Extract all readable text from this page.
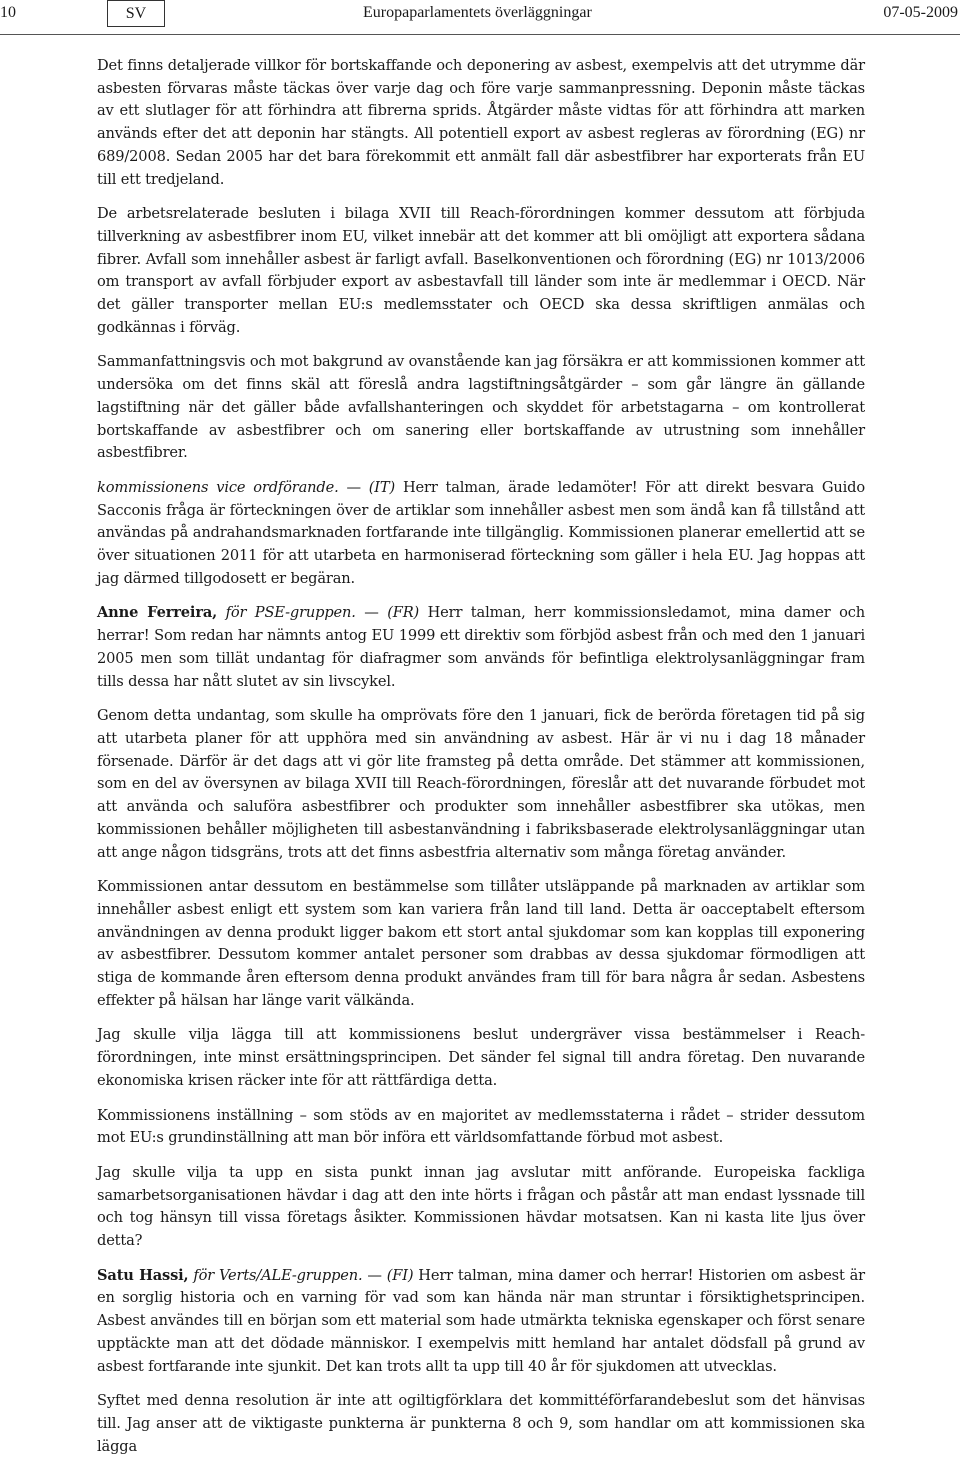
10	SV	Europaparlamentets överläggningar	07-05-2009

Det finns detaljerade villkor för bortskaffande och deponering av asbest, exempelvis att det utrymme där asbesten förvaras måste täckas över varje dag och före varje sammanpressning. Deponin måste täckas av ett slutlager för att förhindra att fibrerna sprids. Åtgärder måste vidtas för att förhindra att marken används efter det att deponin har stängts. All potentiell export av asbest regleras av förordning (EG) nr 689/2008. Sedan 2005 har det bara förekommit ett anmält fall där asbestfibrer har exporterats från EU till ett tredjeland.

De arbetsrelaterade besluten i bilaga XVII till Reach-förordningen kommer dessutom att förbjuda tillverkning av asbestfibrer inom EU, vilket innebär att det kommer att bli omöjligt att exportera sådana fibrer. Avfall som innehåller asbest är farligt avfall. Baselkonventionen och förordning (EG) nr 1013/2006 om transport av avfall förbjuder export av asbestavfall till länder som inte är medlemmar i OECD. När det gäller transporter mellan EU:s medlemsstater och OECD ska dessa skriftligen anmälas och godkännas i förväg.

Sammanfattningsvis och mot bakgrund av ovanstående kan jag försäkra er att kommissionen kommer att undersöka om det finns skäl att föreslå andra lagstiftningsåtgärder – som går längre än gällande lagstiftning när det gäller både avfallshanteringen och skyddet för arbetstagarna – om kontrollerat bortskaffande av asbestfibrer och om sanering eller bortskaffande av utrustning som innehåller asbestfibrer.

kommissionens vice ordförande. — (IT) Herr talman, ärade ledamöter! För att direkt besvara Guido Sacconis fråga är förteckningen över de artiklar som innehåller asbest men som ändå kan få tillstånd att användas på andrahandsmarknaden fortfarande inte tillgänglig. Kommissionen planerar emellertid att se över situationen 2011 för att utarbeta en harmoniserad förteckning som gäller i hela EU. Jag hoppas att jag därmed tillgodosett er begäran.

Anne Ferreira, för PSE-gruppen. — (FR) Herr talman, herr kommissionsledamot, mina damer och herrar! Som redan har nämnts antog EU 1999 ett direktiv som förbjöd asbest från och med den 1 januari 2005 men som tillät undantag för diafragmer som används för befintliga elektrolysanläggningar fram tills dessa har nått slutet av sin livscykel.

Genom detta undantag, som skulle ha omprövats före den 1 januari, fick de berörda företagen tid på sig att utarbeta planer för att upphöra med sin användning av asbest. Här är vi nu i dag 18 månader försenade. Därför är det dags att vi gör lite framsteg på detta område. Det stämmer att kommissionen, som en del av översynen av bilaga XVII till Reach-förordningen, föreslår att det nuvarande förbudet mot att använda och saluföra asbestfibrer och produkter som innehåller asbestfibrer ska utökas, men kommissionen behåller möjligheten till asbestanvändning i fabriksbaserade elektrolysanläggningar utan att ange någon tidsgräns, trots att det finns asbestfria alternativ som många företag använder.

Kommissionen antar dessutom en bestämmelse som tillåter utsläppande på marknaden av artiklar som innehåller asbest enligt ett system som kan variera från land till land. Detta är oacceptabelt eftersom användningen av denna produkt ligger bakom ett stort antal sjukdomar som kan kopplas till exponering av asbestfibrer. Dessutom kommer antalet personer som drabbas av dessa sjukdomar förmodligen att stiga de kommande åren eftersom denna produkt användes fram till för bara några år sedan. Asbestens effekter på hälsan har länge varit välkända.

Jag skulle vilja lägga till att kommissionens beslut undergräver vissa bestämmelser i Reach-förordningen, inte minst ersättningsprincipen. Det sänder fel signal till andra företag. Den nuvarande ekonomiska krisen räcker inte för att rättfärdiga detta.

Kommissionens inställning – som stöds av en majoritet av medlemsstaterna i rådet – strider dessutom mot EU:s grundinställning att man bör införa ett världsomfattande förbud mot asbest.

Jag skulle vilja ta upp en sista punkt innan jag avslutar mitt anförande. Europeiska fackliga samarbetsorganisationen hävdar i dag att den inte hörts i frågan och påstår att man endast lyssnade till och tog hänsyn till vissa företags åsikter. Kommissionen hävdar motsatsen. Kan ni kasta lite ljus över detta?

Satu Hassi, för Verts/ALE-gruppen. — (FI) Herr talman, mina damer och herrar! Historien om asbest är en sorglig historia och en varning för vad som kan hända när man struntar i försiktighetsprincipen. Asbest användes till en början som ett material som hade utmärkta tekniska egenskaper och först senare upptäckte man att det dödade människor. I exempelvis mitt hemland har antalet dödsfall på grund av asbest fortfarande inte sjunkit. Det kan trots allt ta upp till 40 år för sjukdomen att utvecklas.

Syftet med denna resolution är inte att ogiltigförklara det kommittéförfarandebeslut som det hänvisas till. Jag anser att de viktigaste punkterna är punkterna 8 och 9, som handlar om att kommissionen ska lägga
